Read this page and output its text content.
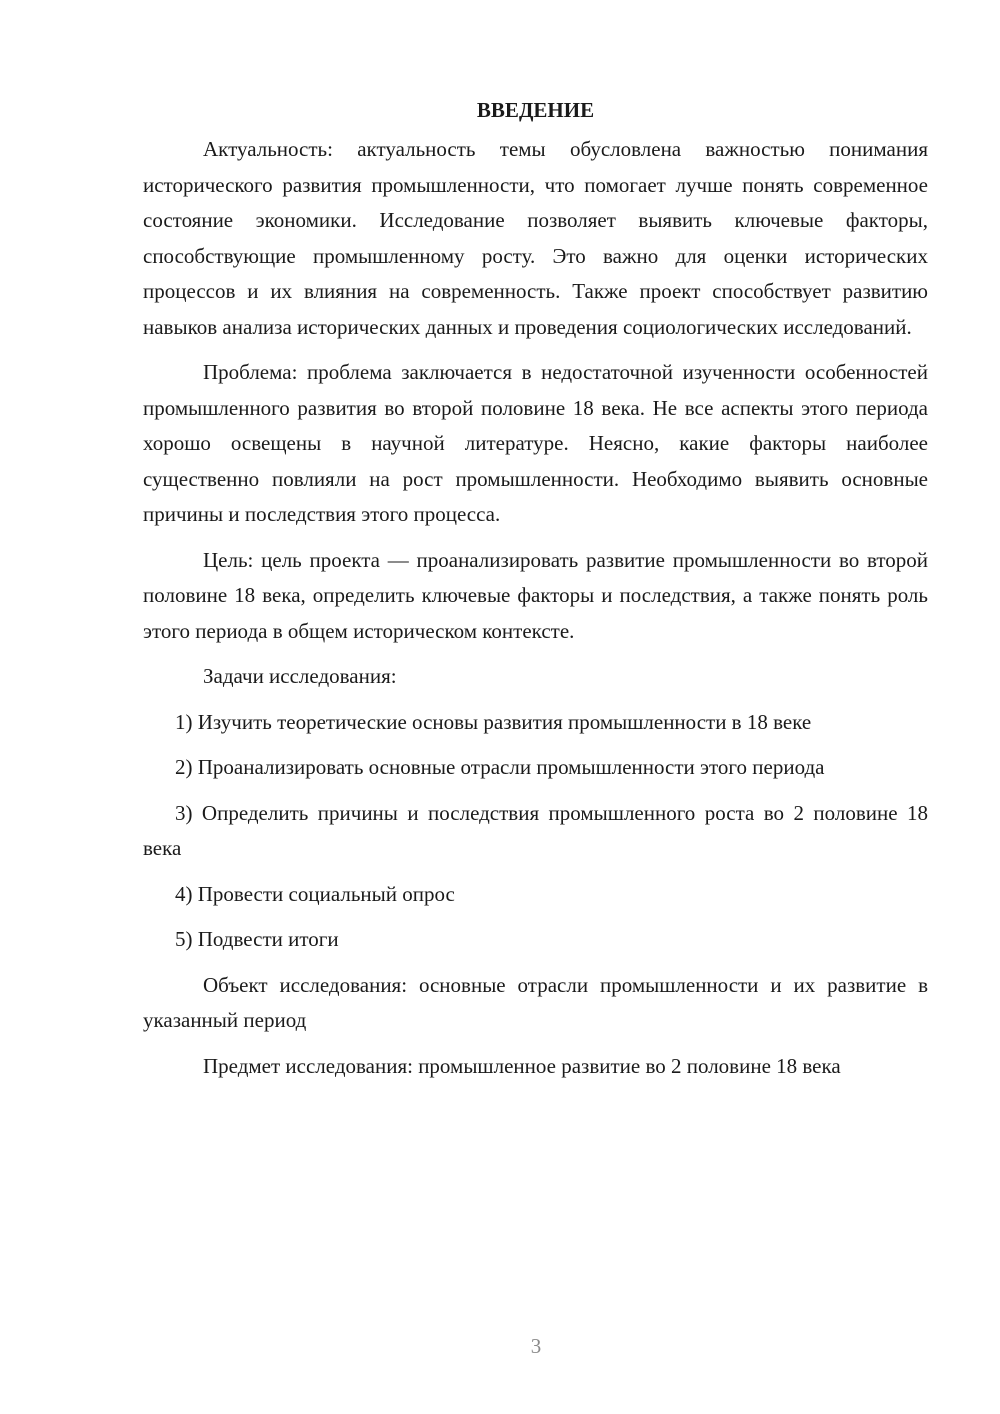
ВВЕДЕНИЕ

Актуальность: актуальность темы обусловлена важностью понимания исторического развития промышленности, что помогает лучше понять современное состояние экономики. Исследование позволяет выявить ключевые факторы, способствующие промышленному росту. Это важно для оценки исторических процессов и их влияния на современность. Также проект способствует развитию навыков анализа исторических данных и проведения социологических исследований.

Проблема: проблема заключается в недостаточной изученности особенностей промышленного развития во второй половине 18 века. Не все аспекты этого периода хорошо освещены в научной литературе. Неясно, какие факторы наиболее существенно повлияли на рост промышленности. Необходимо выявить основные причины и последствия этого процесса.

Цель: цель проекта — проанализировать развитие промышленности во второй половине 18 века, определить ключевые факторы и последствия, а также понять роль этого периода в общем историческом контексте.

Задачи исследования:

1) Изучить теоретические основы развития промышленности в 18 веке

2) Проанализировать основные отрасли промышленности этого периода

3) Определить причины и последствия промышленного роста во 2 половине 18 века

4) Провести социальный опрос

5) Подвести итоги

Объект исследования: основные отрасли промышленности и их развитие в указанный период

Предмет исследования: промышленное развитие во 2 половине 18 века

3
